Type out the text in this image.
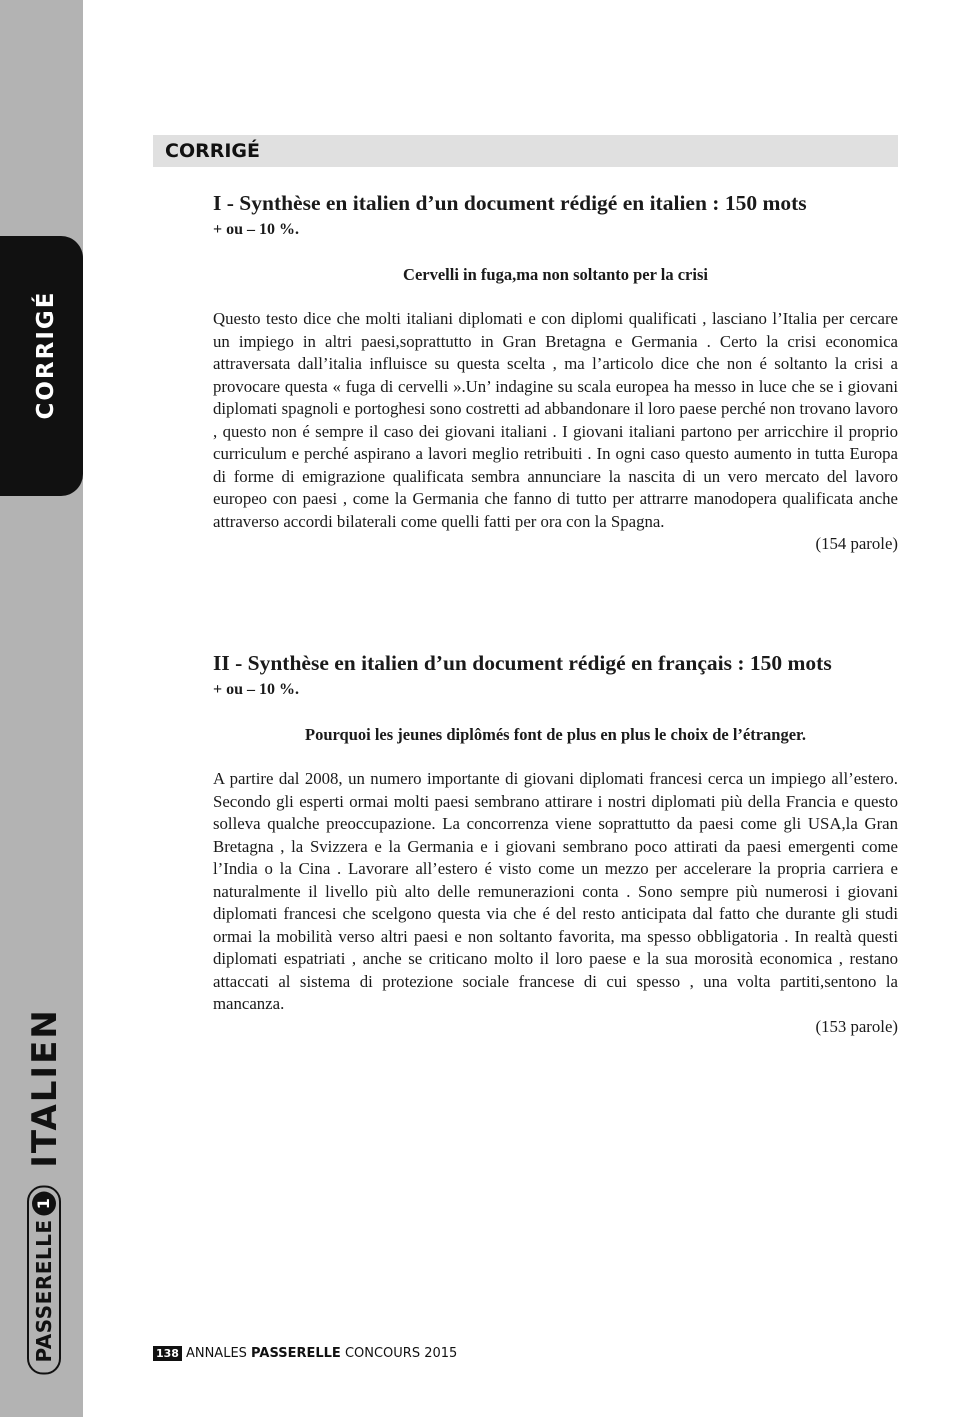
CORRIGÉ
ITALIEN
PASSERELLE
1
CORRIGÉ
I - Synthèse en italien d’un document rédigé en italien : 150 mots
+ ou – 10 %.
Cervelli in fuga,ma non soltanto per la crisi

Questo testo dice che molti italiani diplomati e con diplomi qualificati , lasciano l’Italia per cercare un impiego in altri paesi,soprattutto in Gran Bretagna e Germania . Certo la crisi economica attraversata dall’italia influisce su questa scelta , ma l’articolo dice che non é soltanto la crisi a provocare questa « fuga di cervelli ».Un’ indagine su scala europea ha messo in luce che se i giovani diplomati spagnoli e portoghesi sono costretti ad abbandonare il loro paese perché non trovano lavoro , questo non é sempre il caso dei giovani italiani . I giovani italiani partono per arricchire il proprio curriculum e perché aspirano a lavori meglio retribuiti . In ogni caso questo aumento in tutta Europa di forme di emigrazione qualificata sembra annunciare la nascita di un vero mercato del lavoro europeo con paesi , come la Germania che fanno di tutto per attrarre manodopera qualificata anche attraverso accordi bilaterali come quelli fatti per ora con la Spagna.

(154 parole)
II - Synthèse en italien d’un document rédigé en français : 150 mots
+ ou – 10 %.
Pourquoi les jeunes diplômés font de plus en plus le choix de l’étranger.

A partire dal 2008, un numero importante di giovani diplomati francesi cerca un impiego all’estero. Secondo gli esperti ormai molti paesi sembrano attirare i nostri diplomati più della Francia e questo solleva qualche preoccupazione. La concorrenza viene soprattutto da paesi come gli USA,la Gran Bretagna , la Svizzera e la Germania e i giovani sembrano poco attirati da paesi emergenti come l’India o la Cina . Lavorare all’estero é visto come un mezzo per accelerare la propria carriera e naturalmente il livello più alto delle remunerazioni conta . Sono sempre più numerosi i giovani diplomati francesi che scelgono questa via che é del resto anticipata dal fatto che durante gli studi ormai la mobilità verso altri paesi e non soltanto favorita, ma spesso obbligatoria . In realtà questi diplomati espatriati , anche se criticano molto il loro paese e la sua morosità economica , restano attaccati al sistema di protezione sociale francese di cui spesso , una volta partiti,sentono la mancanza.

(153 parole)
138 ANNALES PASSERELLE CONCOURS 2015
